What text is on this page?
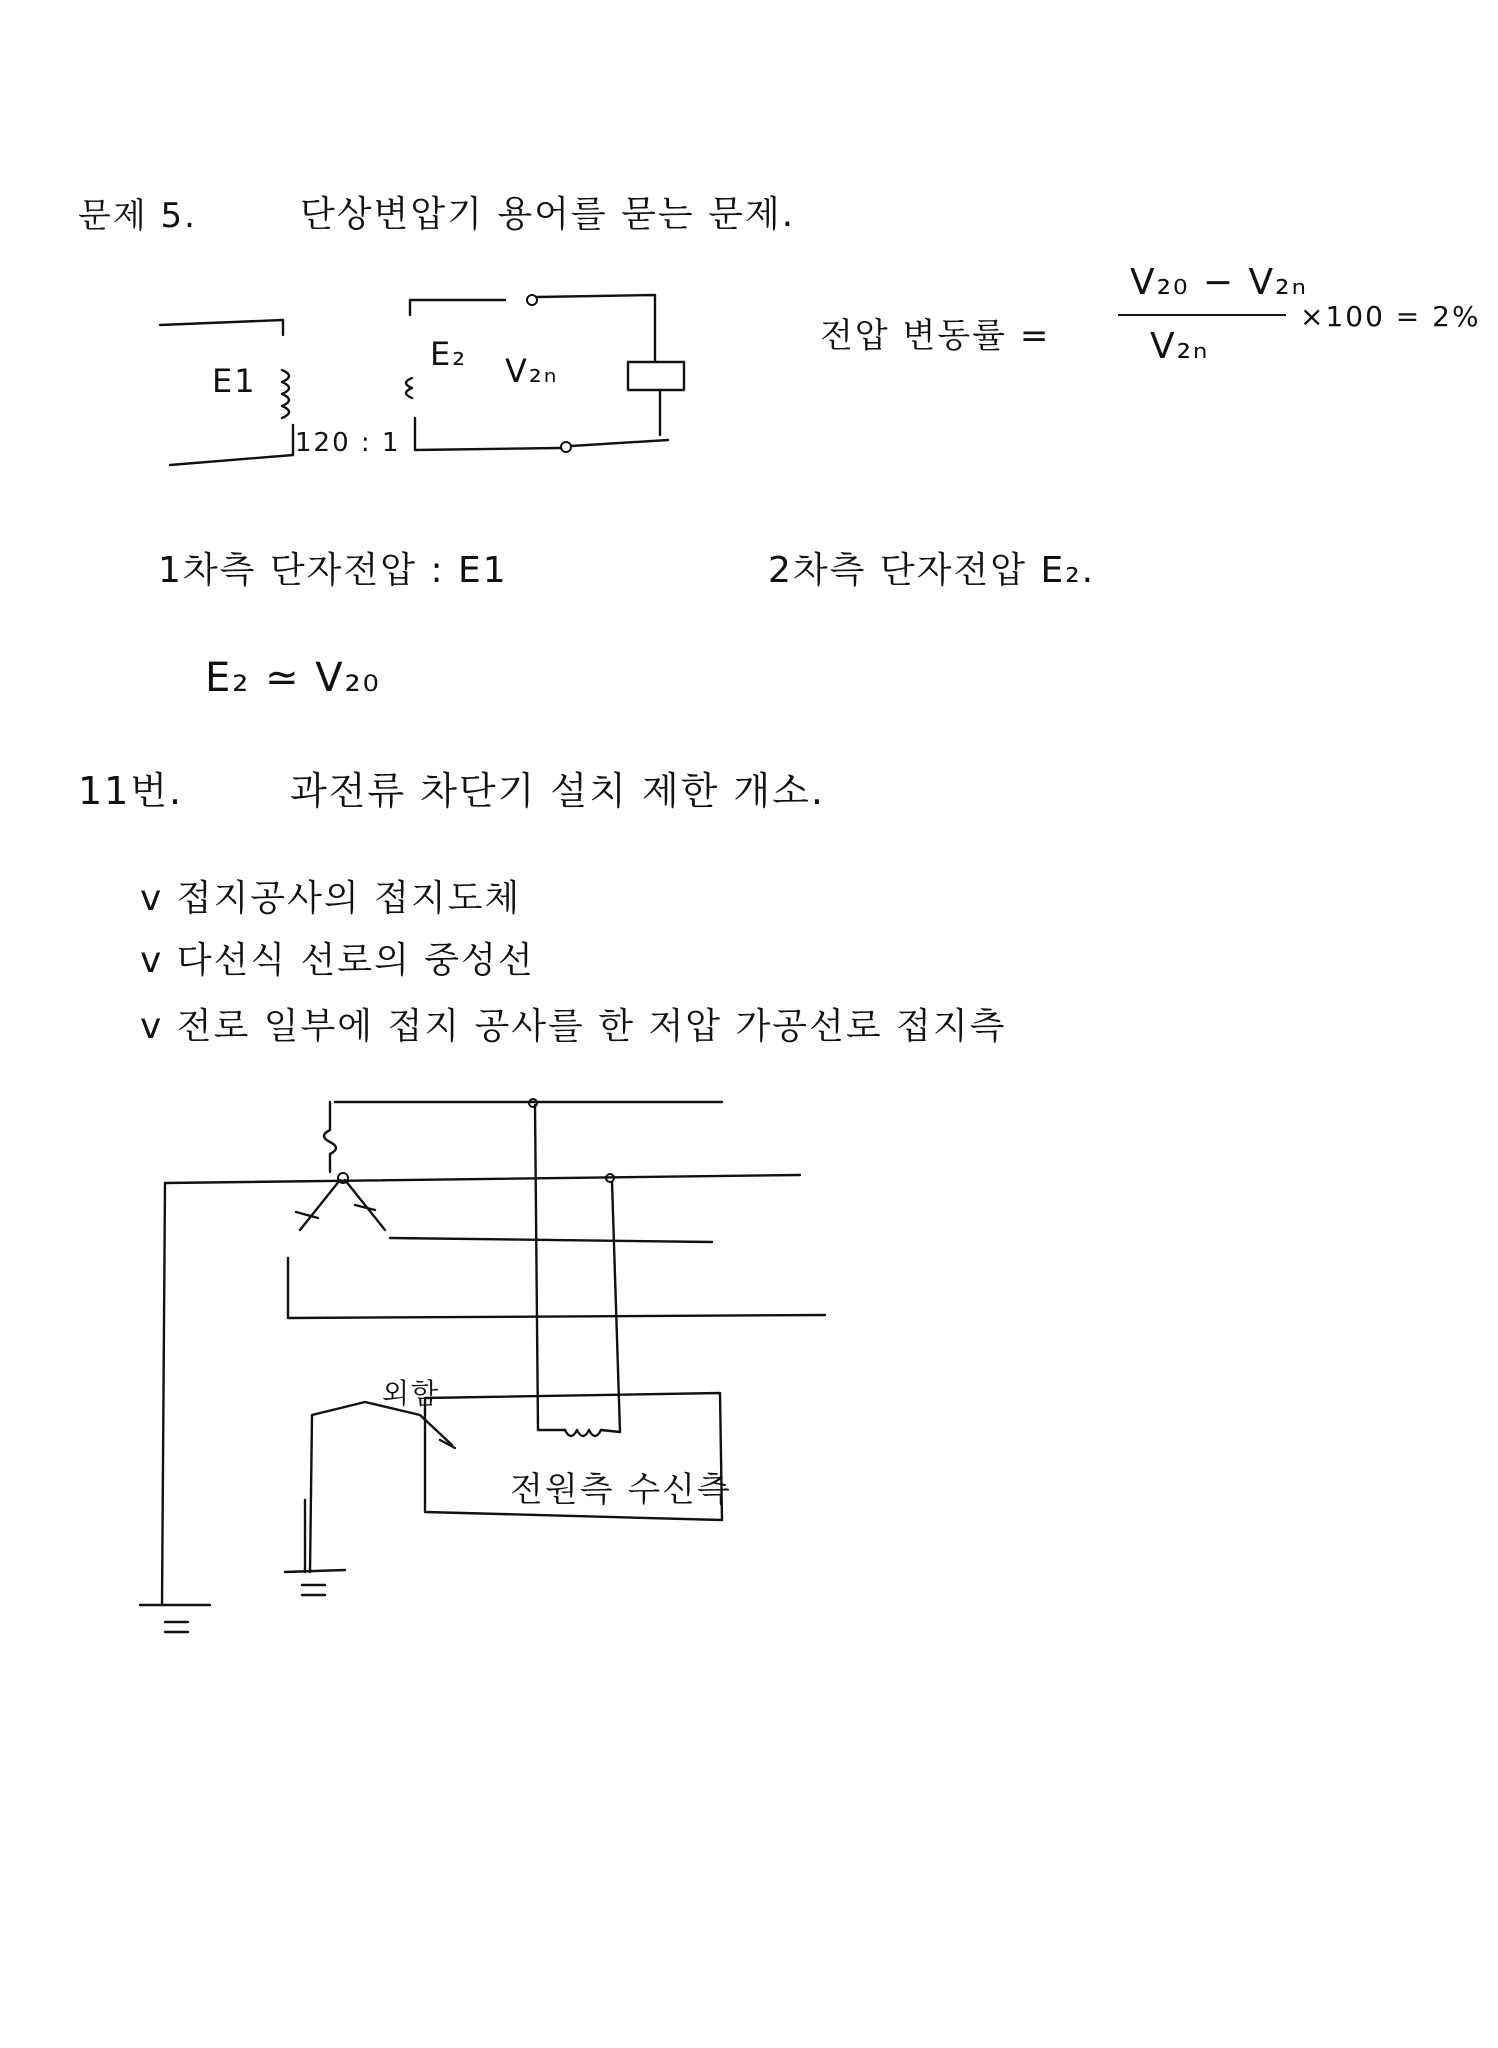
문제 5.	단상변압기 용어를 묻는 문제.
E1
E₂ V₂ₙ
120 : 1
전압 변동률 =
V₂₀ − V₂ₙ
V₂ₙ
×100 = 2%
1차측 단자전압 : E1	2차측 단자전압 E₂.
E₂ ≃ V₂₀
11번.	과전류 차단기 설치 제한 개소.
v 접지공사의 접지도체
v 다선식 선로의 중성선
v 전로 일부에 접지 공사를 한 저압 가공선로 접지측
외함
전원측 수신측
